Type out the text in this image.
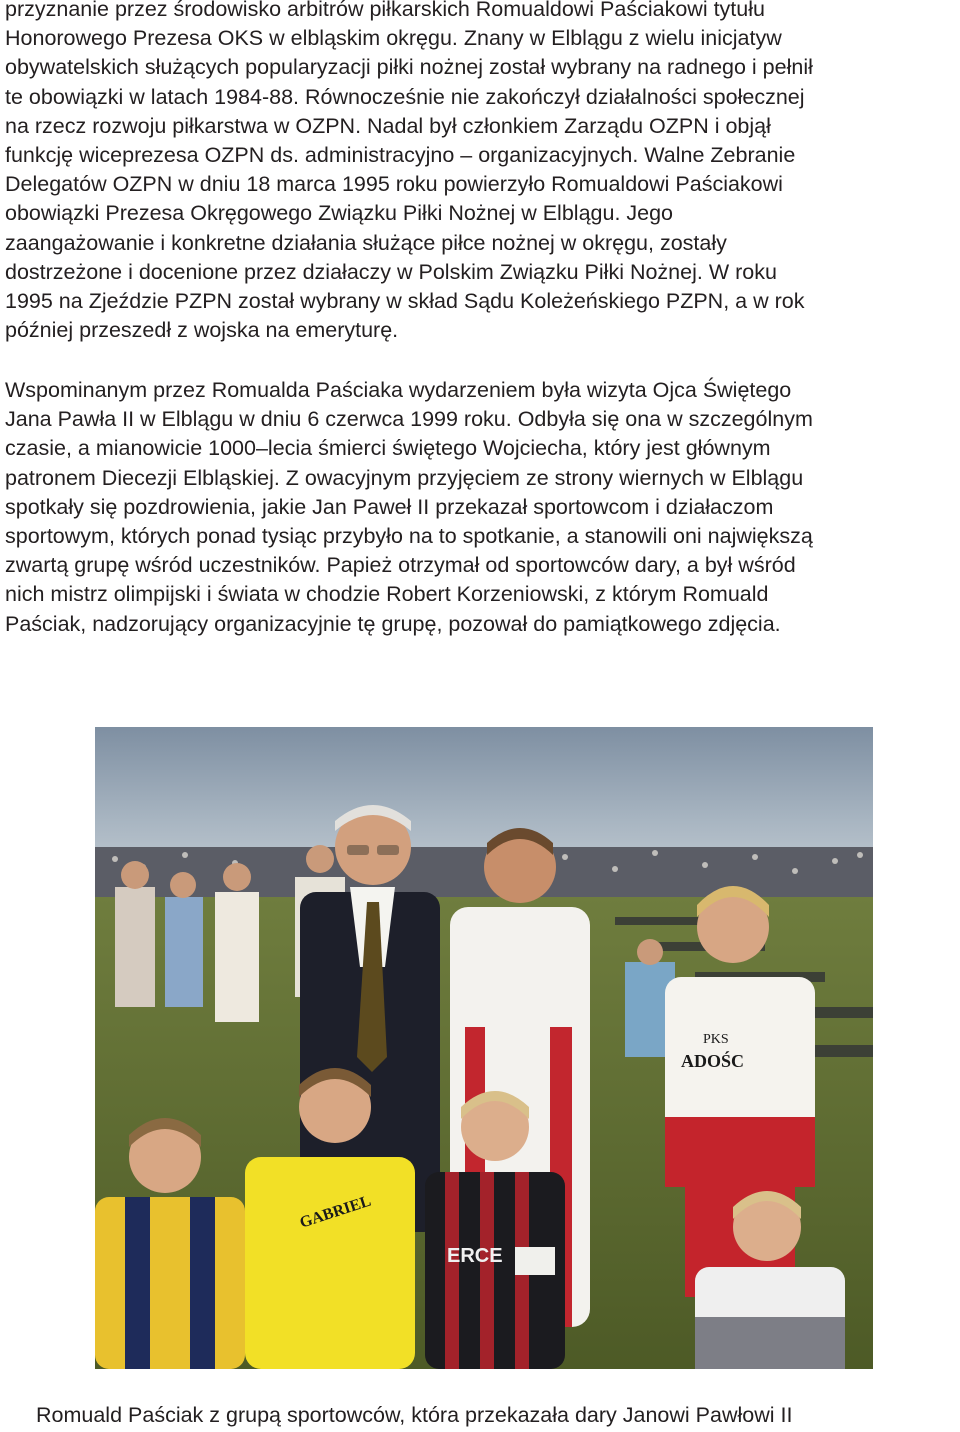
przyznanie przez środowisko arbitrów piłkarskich Romualdowi Paściakowi tytułu
Honorowego Prezesa OKS w elbląskim okręgu. Znany w Elblągu z wielu inicjatyw
obywatelskich służących popularyzacji piłki nożnej został wybrany na radnego i pełnił
te obowiązki w latach 1984-88. Równocześnie nie zakończył działalności społecznej
na rzecz rozwoju piłkarstwa w OZPN. Nadal był członkiem Zarządu OZPN i objął
funkcję wiceprezesa OZPN ds. administracyjno – organizacyjnych. Walne Zebranie
Delegatów OZPN w dniu 18 marca 1995 roku powierzyło Romualdowi Paściakowi
obowiązki Prezesa Okręgowego Związku Piłki Nożnej w Elblągu. Jego
zaangażowanie i konkretne działania służące piłce nożnej w okręgu, zostały
dostrzeżone i docenione przez działaczy w Polskim Związku Piłki Nożnej. W roku
1995 na Zjeździe PZPN został wybrany w skład Sądu Koleżeńskiego PZPN, a w rok
później przeszedł z wojska na emeryturę.
Wspominanym przez Romualda Paściaka wydarzeniem była wizyta Ojca Świętego
Jana Pawła II w Elblągu w dniu 6 czerwca 1999 roku. Odbyła się ona w szczególnym
czasie, a mianowicie 1000–lecia śmierci świętego Wojciecha, który jest głównym
patronem Diecezji Elbląskiej. Z owacyjnym przyjęciem ze strony wiernych w Elblągu
spotkały się pozdrowienia, jakie Jan Paweł II przekazał sportowcom i działaczom
sportowym, których ponad tysiąc przybyło na to spotkanie, a stanowili oni największą
zwartą grupę wśród uczestników. Papież otrzymał od sportowców dary, a był wśród
nich mistrz olimpijski i świata w chodzie Robert Korzeniowski, z którym Romuald
Paściak, nadzorujący organizacyjnie tę grupę, pozował do pamiątkowego zdjęcia.
PKS
ADOŚC
GABRIEL
ERCE

Romuald Paściak z grupą sportowców, która przekazała dary Janowi Pawłowi II
